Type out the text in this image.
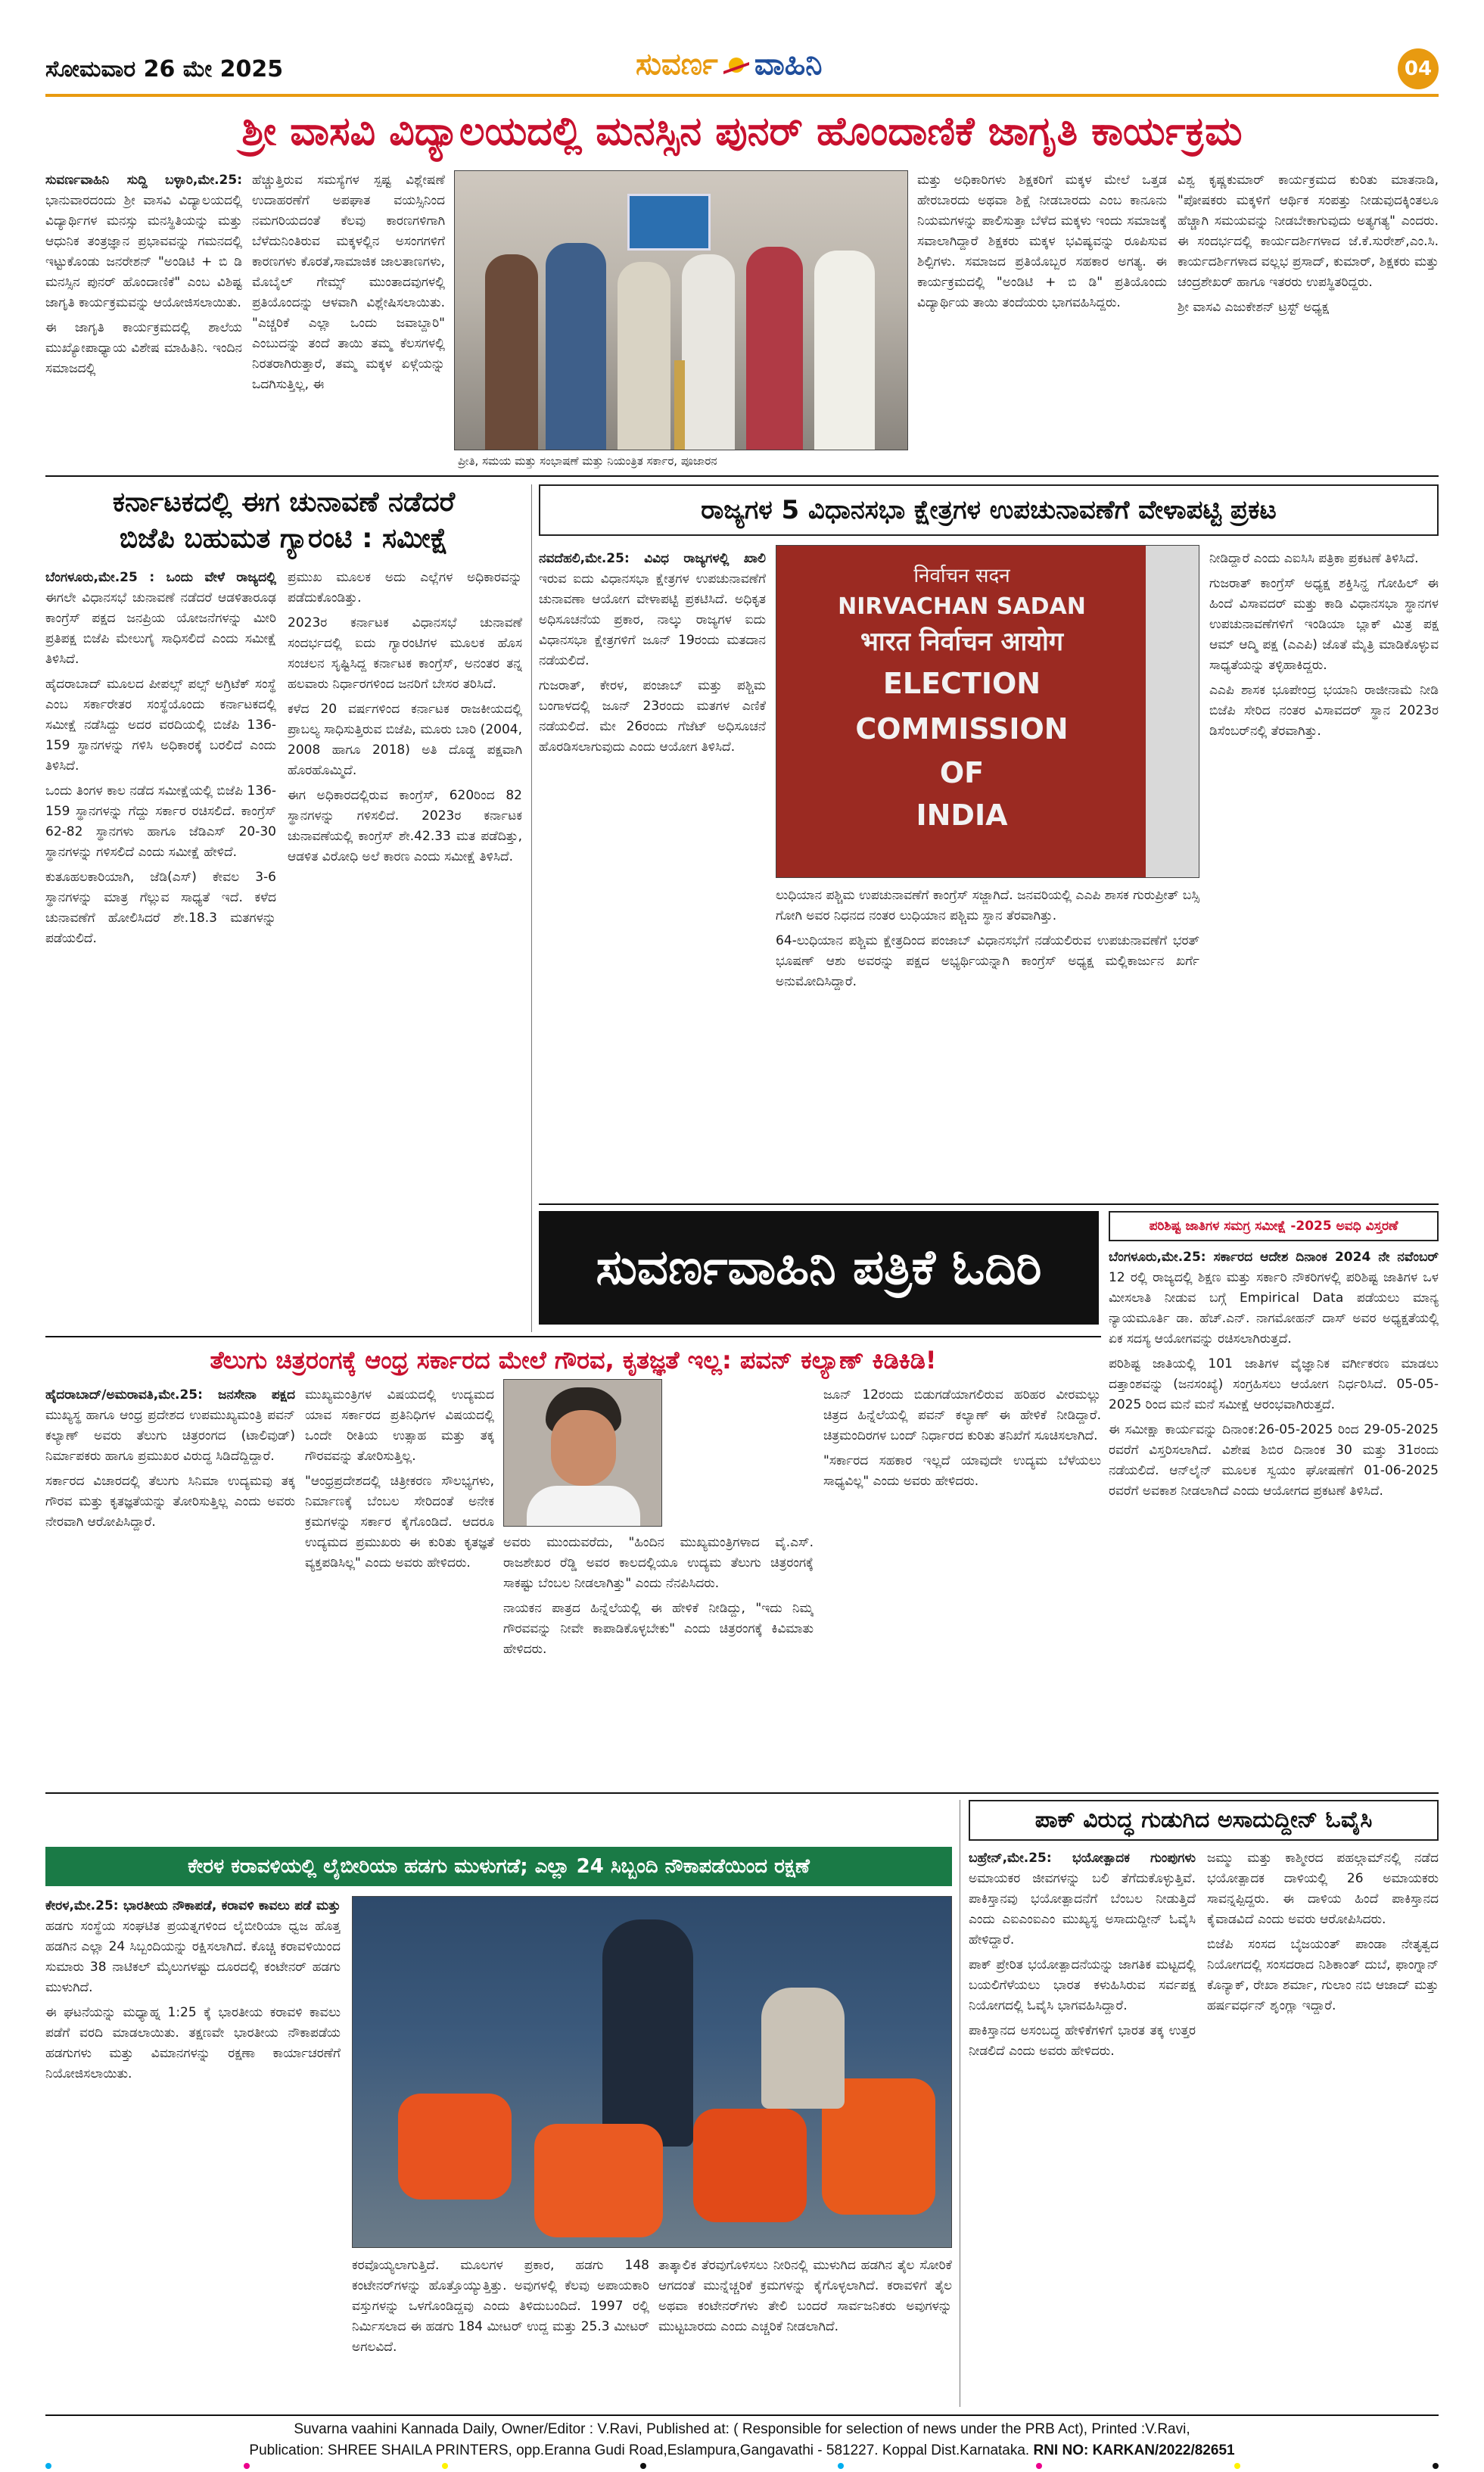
ಸೋಮವಾರ 26 ಮೇ 2025	ಸುವರ್ಣ ವಾಹಿನಿ	04
ಶ್ರೀ ವಾಸವಿ ವಿದ್ಯಾಲಯದಲ್ಲಿ ಮನಸ್ಸಿನ ಪುನರ್ ಹೊಂದಾಣಿಕೆ ಜಾಗೃತಿ ಕಾರ್ಯಕ್ರಮ

ಸುವರ್ಣವಾಹಿನಿ ಸುದ್ದಿ ಬಳ್ಳಾರಿ,ಮೇ.25: ಭಾನುವಾರದಂದು ಶ್ರೀ ವಾಸವಿ ವಿದ್ಯಾಲಯದಲ್ಲಿ ವಿದ್ಯಾರ್ಥಿಗಳ ಮನಸ್ಸು ಮನಸ್ಥಿತಿಯನ್ನು ಮತ್ತು ಆಧುನಿಕ ತಂತ್ರಜ್ಞಾನ ಪ್ರಭಾವವನ್ನು ಗಮನದಲ್ಲಿ ಇಟ್ಟುಕೊಂಡು ಜನರೇಶನ್ "ಅಂಡಿಟಿ + ಬಿ ಡಿ ಮನಸ್ಸಿನ ಪುನರ್ ಹೊಂದಾಣಿಕೆ" ಎಂಬ ವಿಶಿಷ್ಟ ಜಾಗೃತಿ ಕಾರ್ಯಕ್ರಮವನ್ನು ಆಯೋಜಿಸಲಾಯಿತು.

ಈ ಜಾಗೃತಿ ಕಾರ್ಯಕ್ರಮದಲ್ಲಿ ಶಾಲೆಯ ಮುಖ್ಯೋಪಾಧ್ಯಾಯ ವಿಶೇಷ ಮಾಹಿತಿನಿ. ಇಂದಿನ ಸಮಾಜದಲ್ಲಿ

ಹೆಚ್ಚುತ್ತಿರುವ ಸಮಸ್ಯೆಗಳ ಸ್ಪಷ್ಟ ವಿಶ್ಲೇಷಣೆ ಉದಾಹರಣೆಗೆ ಅಪಘಾತ ವಯಸ್ಸಿನಿಂದ ನಮಗರಿಯದಂತೆ ಕೆಲವು ಕಾರಣಗಳಿಗಾಗಿ ಬೆಳೆದುನಿಂತಿರುವ ಮಕ್ಕಳಲ್ಲಿನ ಅಸಂಗಗಳಿಗೆ ಕಾರಣಗಳು ಕೊರತೆ,ಸಾಮಾಜಿಕ ಜಾಲತಾಣಗಳು, ಮೊಬೈಲ್ ಗೇಮ್ಸ್ ಮುಂತಾದವುಗಳಲ್ಲಿ ಪ್ರತಿಯೊಂದನ್ನು ಆಳವಾಗಿ ವಿಶ್ಲೇಷಿಸಲಾಯಿತು. "ಎಚ್ಚರಿಕೆ ಎಲ್ಲಾ ಒಂದು ಜವಾಬ್ದಾರಿ" ಎಂಬುದನ್ನು ತಂದೆ ತಾಯಿ ತಮ್ಮ ಕೆಲಸಗಳಲ್ಲಿ ನಿರತರಾಗಿರುತ್ತಾರೆ, ತಮ್ಮ ಮಕ್ಕಳ ಏಳ್ಗೆಯನ್ನು ಒದಗಿಸುತ್ತಿಲ್ಲ, ಈ

ಪ್ರೀತಿ, ಸಮಯ ಮತ್ತು ಸಂಭಾಷಣೆ ಮತ್ತು ನಿಯಂತ್ರಿತ ಸರ್ಕಾರ, ಪೂಜಾರನ

ಮತ್ತು ಅಧಿಕಾರಿಗಳು ಶಿಕ್ಷಕರಿಗೆ ಮಕ್ಕಳ ಮೇಲೆ ಒತ್ತಡ ಹೇರಬಾರದು ಅಥವಾ ಶಿಕ್ಷೆ ನೀಡಬಾರದು ಎಂಬ ಕಾನೂನು ನಿಯಮಗಳನ್ನು ಪಾಲಿಸುತ್ತಾ ಬೆಳೆದ ಮಕ್ಕಳು ಇಂದು ಸಮಾಜಕ್ಕೆ ಸವಾಲಾಗಿದ್ದಾರೆ ಶಿಕ್ಷಕರು ಮಕ್ಕಳ ಭವಿಷ್ಯವನ್ನು ರೂಪಿಸುವ ಶಿಲ್ಪಿಗಳು. ಸಮಾಜದ ಪ್ರತಿಯೊಬ್ಬರ ಸಹಕಾರ ಅಗತ್ಯ. ಈ ಕಾರ್ಯಕ್ರಮದಲ್ಲಿ "ಅಂಡಿಟಿ + ಬಿ ಡಿ" ಪ್ರತಿಯೊಂದು ವಿದ್ಯಾರ್ಥಿಯ ತಾಯಿ ತಂದೆಯರು ಭಾಗವಹಿಸಿದ್ದರು.

ವಿಶ್ವ ಕೃಷ್ಣಕುಮಾರ್ ಕಾರ್ಯಕ್ರಮದ ಕುರಿತು ಮಾತನಾಡಿ, "ಪೋಷಕರು ಮಕ್ಕಳಿಗೆ ಆರ್ಥಿಕ ಸಂಪತ್ತು ನೀಡುವುದಕ್ಕಿಂತಲೂ ಹೆಚ್ಚಾಗಿ ಸಮಯವನ್ನು ನೀಡಬೇಕಾಗುವುದು ಅತ್ಯಗತ್ಯ" ಎಂದರು. ಈ ಸಂದರ್ಭದಲ್ಲಿ ಕಾರ್ಯದರ್ಶಿಗಳಾದ ಜೆ.ಕೆ.ಸುರೇಶ್,ಎಂ.ಸಿ. ಕಾರ್ಯದರ್ಶಿಗಳಾದ ವಲ್ಲಭ ಪ್ರಸಾದ್, ಕುಮಾರ್, ಶಿಕ್ಷಕರು ಮತ್ತು ಚಂದ್ರಶೇಖರ್ ಹಾಗೂ ಇತರರು ಉಪಸ್ಥಿತರಿದ್ದರು.

ಶ್ರೀ ವಾಸವಿ ಎಜುಕೇಶನ್ ಟ್ರಸ್ಟ್ ಅಧ್ಯಕ್ಷ

ಕರ್ನಾಟಕದಲ್ಲಿ ಈಗ ಚುನಾವಣೆ ನಡೆದರೆ
ಬಿಜೆಪಿ ಬಹುಮತ ಗ್ಯಾರಂಟಿ : ಸಮೀಕ್ಷೆ

ಬೆಂಗಳೂರು,ಮೇ.25 : ಒಂದು ವೇಳೆ ರಾಜ್ಯದಲ್ಲಿ ಈಗಲೇ ವಿಧಾನಸಭೆ ಚುನಾವಣೆ ನಡೆದರೆ ಆಡಳಿತಾರೂಢ ಕಾಂಗ್ರೆಸ್ ಪಕ್ಷದ ಜನಪ್ರಿಯ ಯೋಜನೆಗಳನ್ನು ಮೀರಿ ಪ್ರತಿಪಕ್ಷ ಬಿಜೆಪಿ ಮೇಲುಗೈ ಸಾಧಿಸಲಿದೆ ಎಂದು ಸಮೀಕ್ಷೆ ತಿಳಿಸಿದೆ.

ಹೈದರಾಬಾದ್ ಮೂಲದ ಪೀಪಲ್ಸ್ ಪಲ್ಸ್ ಅಗ್ರಿಟೆಕ್ ಸಂಸ್ಥೆ ಎಂಬ ಸರ್ಕಾರೇತರ ಸಂಸ್ಥೆಯೊಂದು ಕರ್ನಾಟಕದಲ್ಲಿ ಸಮೀಕ್ಷೆ ನಡೆಸಿದ್ದು ಅದರ ವರದಿಯಲ್ಲಿ ಬಿಜೆಪಿ 136-159 ಸ್ಥಾನಗಳನ್ನು ಗಳಿಸಿ ಅಧಿಕಾರಕ್ಕೆ ಬರಲಿದೆ ಎಂದು ತಿಳಿಸಿದೆ.

ಒಂದು ತಿಂಗಳ ಕಾಲ ನಡೆದ ಸಮೀಕ್ಷೆಯಲ್ಲಿ ಬಿಜೆಪಿ 136-159 ಸ್ಥಾನಗಳನ್ನು ಗೆದ್ದು ಸರ್ಕಾರ ರಚಿಸಲಿದೆ. ಕಾಂಗ್ರೆಸ್ 62-82 ಸ್ಥಾನಗಳು ಹಾಗೂ ಜೆಡಿಎಸ್ 20-30 ಸ್ಥಾನಗಳನ್ನು ಗಳಿಸಲಿದೆ ಎಂದು ಸಮೀಕ್ಷೆ ಹೇಳಿದೆ.

ಕುತೂಹಲಕಾರಿಯಾಗಿ, ಜೆಡಿ(ಎಸ್) ಕೇವಲ 3-6 ಸ್ಥಾನಗಳನ್ನು ಮಾತ್ರ ಗೆಲ್ಲುವ ಸಾಧ್ಯತೆ ಇದೆ. ಕಳೆದ ಚುನಾವಣೆಗೆ ಹೋಲಿಸಿದರೆ ಶೇ.18.3 ಮತಗಳನ್ನು ಪಡೆಯಲಿದೆ.

ಪ್ರಮುಖ ಮೂಲಕ ಅದು ಎಲ್ಲೆಗಳ ಅಧಿಕಾರವನ್ನು ಪಡೆದುಕೊಂಡಿತ್ತು.

2023ರ ಕರ್ನಾಟಕ ವಿಧಾನಸಭೆ ಚುನಾವಣೆ ಸಂದರ್ಭದಲ್ಲಿ ಐದು ಗ್ಯಾರಂಟಿಗಳ ಮೂಲಕ ಹೊಸ ಸಂಚಲನ ಸೃಷ್ಟಿಸಿದ್ದ ಕರ್ನಾಟಕ ಕಾಂಗ್ರೆಸ್, ಅನಂತರ ತನ್ನ ಹಲವಾರು ನಿರ್ಧಾರಗಳಿಂದ ಜನರಿಗೆ ಬೇಸರ ತರಿಸಿದೆ.

ಕಳೆದ 20 ವರ್ಷಗಳಿಂದ ಕರ್ನಾಟಕ ರಾಜಕೀಯದಲ್ಲಿ ಪ್ರಾಬಲ್ಯ ಸಾಧಿಸುತ್ತಿರುವ ಬಿಜೆಪಿ, ಮೂರು ಬಾರಿ (2004, 2008 ಹಾಗೂ 2018) ಅತಿ ದೊಡ್ಡ ಪಕ್ಷವಾಗಿ ಹೊರಹೊಮ್ಮಿದೆ.

ಈಗ ಅಧಿಕಾರದಲ್ಲಿರುವ ಕಾಂಗ್ರೆಸ್, 620ರಿಂದ 82 ಸ್ಥಾನಗಳನ್ನು ಗಳಿಸಲಿದೆ. 2023ರ ಕರ್ನಾಟಕ ಚುನಾವಣೆಯಲ್ಲಿ ಕಾಂಗ್ರೆಸ್ ಶೇ.42.33 ಮತ ಪಡೆದಿತ್ತು, ಆಡಳಿತ ವಿರೋಧಿ ಅಲೆ ಕಾರಣ ಎಂದು ಸಮೀಕ್ಷೆ ತಿಳಿಸಿದೆ.

ರಾಜ್ಯಗಳ 5 ವಿಧಾನಸಭಾ ಕ್ಷೇತ್ರಗಳ ಉಪಚುನಾವಣೆಗೆ ವೇಳಾಪಟ್ಟಿ ಪ್ರಕಟ

ನವದೆಹಲಿ,ಮೇ.25: ವಿವಿಧ ರಾಜ್ಯಗಳಲ್ಲಿ ಖಾಲಿ ಇರುವ ಐದು ವಿಧಾನಸಭಾ ಕ್ಷೇತ್ರಗಳ ಉಪಚುನಾವಣೆಗೆ ಚುನಾವಣಾ ಆಯೋಗ ವೇಳಾಪಟ್ಟಿ ಪ್ರಕಟಿಸಿದೆ. ಅಧಿಕೃತ ಅಧಿಸೂಚನೆಯ ಪ್ರಕಾರ, ನಾಲ್ಕು ರಾಜ್ಯಗಳ ಐದು ವಿಧಾನಸಭಾ ಕ್ಷೇತ್ರಗಳಿಗೆ ಜೂನ್ 19ರಂದು ಮತದಾನ ನಡೆಯಲಿದೆ.

ಗುಜರಾತ್, ಕೇರಳ, ಪಂಜಾಬ್ ಮತ್ತು ಪಶ್ಚಿಮ ಬಂಗಾಳದಲ್ಲಿ ಜೂನ್ 23ರಂದು ಮತಗಳ ಎಣಿಕೆ ನಡೆಯಲಿದೆ. ಮೇ 26ರಂದು ಗೆಜೆಟ್ ಅಧಿಸೂಚನೆ ಹೊರಡಿಸಲಾಗುವುದು ಎಂದು ಆಯೋಗ ತಿಳಿಸಿದೆ.

निर्वाचन सदन
NIRVACHAN SADAN
भारत निर्वाचन आयोग
ELECTION COMMISSION
OF
INDIA

ಲುಧಿಯಾನ ಪಶ್ಚಿಮ ಉಪಚುನಾವಣೆಗೆ ಕಾಂಗ್ರೆಸ್ ಸಜ್ಜಾಗಿದೆ. ಜನವರಿಯಲ್ಲಿ ಎಎಪಿ ಶಾಸಕ ಗುರುಪ್ರೀತ್ ಬಸ್ಸಿ ಗೋಗಿ ಅವರ ನಿಧನದ ನಂತರ ಲುಧಿಯಾನ ಪಶ್ಚಿಮ ಸ್ಥಾನ ತೆರವಾಗಿತ್ತು.

64-ಲುಧಿಯಾನ ಪಶ್ಚಿಮ ಕ್ಷೇತ್ರದಿಂದ ಪಂಜಾಬ್ ವಿಧಾನಸಭೆಗೆ ನಡೆಯಲಿರುವ ಉಪಚುನಾವಣೆಗೆ ಭರತ್ ಭೂಷಣ್ ಆಶು ಅವರನ್ನು ಪಕ್ಷದ ಅಭ್ಯರ್ಥಿಯನ್ನಾಗಿ ಕಾಂಗ್ರೆಸ್ ಅಧ್ಯಕ್ಷ ಮಲ್ಲಿಕಾರ್ಜುನ ಖರ್ಗೆ ಅನುಮೋದಿಸಿದ್ದಾರೆ.

ನೀಡಿದ್ದಾರೆ ಎಂದು ಎಐಸಿಸಿ ಪತ್ರಿಕಾ ಪ್ರಕಟಣೆ ತಿಳಿಸಿದೆ.

ಗುಜರಾತ್ ಕಾಂಗ್ರೆಸ್ ಅಧ್ಯಕ್ಷ ಶಕ್ತಿಸಿನ್ಹ ಗೋಹಿಲ್ ಈ ಹಿಂದೆ ವಿಸಾವದರ್ ಮತ್ತು ಕಾಡಿ ವಿಧಾನಸಭಾ ಸ್ಥಾನಗಳ ಉಪಚುನಾವಣೆಗಳಿಗೆ ಇಂಡಿಯಾ ಬ್ಲಾಕ್ ಮಿತ್ರ ಪಕ್ಷ ಆಮ್ ಆದ್ಮಿ ಪಕ್ಷ (ಎಎಪಿ) ಜೊತೆ ಮೈತ್ರಿ ಮಾಡಿಕೊಳ್ಳುವ ಸಾಧ್ಯತೆಯನ್ನು ತಳ್ಳಿಹಾಕಿದ್ದರು.

ಎಎಪಿ ಶಾಸಕ ಭೂಪೇಂದ್ರ ಭಯಾನಿ ರಾಜೀನಾಮೆ ನೀಡಿ ಬಿಜೆಪಿ ಸೇರಿದ ನಂತರ ವಿಸಾವದರ್ ಸ್ಥಾನ 2023ರ ಡಿಸೆಂಬರ್‌ನಲ್ಲಿ ತೆರವಾಗಿತ್ತು.

ಸುವರ್ಣವಾಹಿನಿ ಪತ್ರಿಕೆ ಓದಿರಿ
ಪರಿಶಿಷ್ಟ ಜಾತಿಗಳ ಸಮಗ್ರ ಸಮೀಕ್ಷೆ -2025 ಅವಧಿ ವಿಸ್ತರಣೆ

ಬೆಂಗಳೂರು,ಮೇ.25: ಸರ್ಕಾರದ ಆದೇಶ ದಿನಾಂಕ 2024 ನೇ ನವೆಂಬರ್ 12 ರಲ್ಲಿ ರಾಜ್ಯದಲ್ಲಿ ಶಿಕ್ಷಣ ಮತ್ತು ಸರ್ಕಾರಿ ನೌಕರಿಗಳಲ್ಲಿ ಪರಿಶಿಷ್ಟ ಜಾತಿಗಳ ಒಳ ಮೀಸಲಾತಿ ನೀಡುವ ಬಗ್ಗೆ Empirical Data ಪಡೆಯಲು ಮಾನ್ಯ ನ್ಯಾಯಮೂರ್ತಿ ಡಾ. ಹೆಚ್.ಎನ್. ನಾಗಮೋಹನ್ ದಾಸ್ ಅವರ ಅಧ್ಯಕ್ಷತೆಯಲ್ಲಿ ಏಕ ಸದಸ್ಯ ಆಯೋಗವನ್ನು ರಚಿಸಲಾಗಿರುತ್ತದೆ.

ಪರಿಶಿಷ್ಟ ಜಾತಿಯಲ್ಲಿ 101 ಜಾತಿಗಳ ವೈಜ್ಞಾನಿಕ ವರ್ಗೀಕರಣ ಮಾಡಲು ದತ್ತಾಂಶವನ್ನು (ಜನಸಂಖ್ಯೆ) ಸಂಗ್ರಹಿಸಲು ಆಯೋಗ ನಿರ್ಧರಿಸಿದೆ. 05-05-2025 ರಿಂದ ಮನೆ ಮನೆ ಸಮೀಕ್ಷೆ ಆರಂಭವಾಗಿರುತ್ತದೆ.

ಈ ಸಮೀಕ್ಷಾ ಕಾರ್ಯವನ್ನು ದಿನಾಂಕ:26-05-2025 ರಿಂದ 29-05-2025 ರವರೆಗೆ ವಿಸ್ತರಿಸಲಾಗಿದೆ. ವಿಶೇಷ ಶಿಬಿರ ದಿನಾಂಕ 30 ಮತ್ತು 31ರಂದು ನಡೆಯಲಿದೆ. ಆನ್‌ಲೈನ್ ಮೂಲಕ ಸ್ವಯಂ ಘೋಷಣೆಗೆ 01-06-2025 ರವರೆಗೆ ಅವಕಾಶ ನೀಡಲಾಗಿದೆ ಎಂದು ಆಯೋಗದ ಪ್ರಕಟಣೆ ತಿಳಿಸಿದೆ.

ತೆಲುಗು ಚಿತ್ರರಂಗಕ್ಕೆ ಆಂಧ್ರ ಸರ್ಕಾರದ ಮೇಲೆ ಗೌರವ, ಕೃತಜ್ಞತೆ ಇಲ್ಲ: ಪವನ್ ಕಲ್ಯಾಣ್ ಕಿಡಿಕಿಡಿ!

ಹೈದರಾಬಾದ್/ಅಮರಾವತಿ,ಮೇ.25: ಜನಸೇನಾ ಪಕ್ಷದ ಮುಖ್ಯಸ್ಥ ಹಾಗೂ ಆಂಧ್ರ ಪ್ರದೇಶದ ಉಪಮುಖ್ಯಮಂತ್ರಿ ಪವನ್ ಕಲ್ಯಾಣ್ ಅವರು ತೆಲುಗು ಚಿತ್ರರಂಗದ (ಟಾಲಿವುಡ್) ನಿರ್ಮಾಪಕರು ಹಾಗೂ ಪ್ರಮುಖರ ವಿರುದ್ಧ ಸಿಡಿದೆದ್ದಿದ್ದಾರೆ.

ಸರ್ಕಾರದ ವಿಚಾರದಲ್ಲಿ ತೆಲುಗು ಸಿನಿಮಾ ಉದ್ಯಮವು ತಕ್ಕ ಗೌರವ ಮತ್ತು ಕೃತಜ್ಞತೆಯನ್ನು ತೋರಿಸುತ್ತಿಲ್ಲ ಎಂದು ಅವರು ನೇರವಾಗಿ ಆರೋಪಿಸಿದ್ದಾರೆ.

ಮುಖ್ಯಮಂತ್ರಿಗಳ ವಿಷಯದಲ್ಲಿ ಉದ್ಯಮದ ಯಾವ ಸರ್ಕಾರದ ಪ್ರತಿನಿಧಿಗಳ ವಿಷಯದಲ್ಲಿ ಒಂದೇ ರೀತಿಯ ಉತ್ಸಾಹ ಮತ್ತು ತಕ್ಕ ಗೌರವವನ್ನು ತೋರಿಸುತ್ತಿಲ್ಲ.

"ಆಂಧ್ರಪ್ರದೇಶದಲ್ಲಿ ಚಿತ್ರೀಕರಣ ಸೌಲಭ್ಯಗಳು, ನಿರ್ಮಾಣಕ್ಕೆ ಬೆಂಬಲ ಸೇರಿದಂತೆ ಅನೇಕ ಕ್ರಮಗಳನ್ನು ಸರ್ಕಾರ ಕೈಗೊಂಡಿದೆ. ಆದರೂ ಉದ್ಯಮದ ಪ್ರಮುಖರು ಈ ಕುರಿತು ಕೃತಜ್ಞತೆ ವ್ಯಕ್ತಪಡಿಸಿಲ್ಲ" ಎಂದು ಅವರು ಹೇಳಿದರು.

ಅವರು ಮುಂದುವರೆದು, "ಹಿಂದಿನ ಮುಖ್ಯಮಂತ್ರಿಗಳಾದ ವೈ.ಎಸ್. ರಾಜಶೇಖರ ರೆಡ್ಡಿ ಅವರ ಕಾಲದಲ್ಲಿಯೂ ಉದ್ಯಮ ತೆಲುಗು ಚಿತ್ರರಂಗಕ್ಕೆ ಸಾಕಷ್ಟು ಬೆಂಬಲ ನೀಡಲಾಗಿತ್ತು" ಎಂದು ನೆನಪಿಸಿದರು.

ನಾಯಕನ ಪಾತ್ರದ ಹಿನ್ನೆಲೆಯಲ್ಲಿ ಈ ಹೇಳಿಕೆ ನೀಡಿದ್ದು, "ಇದು ನಿಮ್ಮ ಗೌರವವನ್ನು ನೀವೇ ಕಾಪಾಡಿಕೊಳ್ಳಬೇಕು" ಎಂದು ಚಿತ್ರರಂಗಕ್ಕೆ ಕಿವಿಮಾತು ಹೇಳಿದರು.

ಜೂನ್ 12ರಂದು ಬಿಡುಗಡೆಯಾಗಲಿರುವ ಹರಿಹರ ವೀರಮಲ್ಲು ಚಿತ್ರದ ಹಿನ್ನೆಲೆಯಲ್ಲಿ ಪವನ್ ಕಲ್ಯಾಣ್ ಈ ಹೇಳಿಕೆ ನೀಡಿದ್ದಾರೆ. ಚಿತ್ರಮಂದಿರಗಳ ಬಂದ್ ನಿರ್ಧಾರದ ಕುರಿತು ತನಿಖೆಗೆ ಸೂಚಿಸಲಾಗಿದೆ.

"ಸರ್ಕಾರದ ಸಹಕಾರ ಇಲ್ಲದೆ ಯಾವುದೇ ಉದ್ಯಮ ಬೆಳೆಯಲು ಸಾಧ್ಯವಿಲ್ಲ" ಎಂದು ಅವರು ಹೇಳಿದರು.

ಪಾಕ್ ವಿರುದ್ಧ ಗುಡುಗಿದ ಅಸಾದುದ್ದೀನ್ ಓವೈಸಿ

ಬಹ್ರೇನ್,ಮೇ.25: ಭಯೋತ್ಪಾದಕ ಗುಂಪುಗಳು ಅಮಾಯಕರ ಜೀವಗಳನ್ನು ಬಲಿ ತೆಗೆದುಕೊಳ್ಳುತ್ತಿವೆ. ಪಾಕಿಸ್ತಾನವು ಭಯೋತ್ಪಾದನೆಗೆ ಬೆಂಬಲ ನೀಡುತ್ತಿದೆ ಎಂದು ಎಐಎಂಐಎಂ ಮುಖ್ಯಸ್ಥ ಅಸಾದುದ್ದೀನ್ ಓವೈಸಿ ಹೇಳಿದ್ದಾರೆ.

ಪಾಕ್ ಪ್ರೇರಿತ ಭಯೋತ್ಪಾದನೆಯನ್ನು ಜಾಗತಿಕ ಮಟ್ಟದಲ್ಲಿ ಬಯಲಿಗೆಳೆಯಲು ಭಾರತ ಕಳುಹಿಸಿರುವ ಸರ್ವಪಕ್ಷ ನಿಯೋಗದಲ್ಲಿ ಓವೈಸಿ ಭಾಗವಹಿಸಿದ್ದಾರೆ.

ಪಾಕಿಸ್ತಾನದ ಅಸಂಬದ್ಧ ಹೇಳಿಕೆಗಳಿಗೆ ಭಾರತ ತಕ್ಕ ಉತ್ತರ ನೀಡಲಿದೆ ಎಂದು ಅವರು ಹೇಳಿದರು.

ಜಮ್ಮು ಮತ್ತು ಕಾಶ್ಮೀರದ ಪಹಲ್ಗಾಮ್‌ನಲ್ಲಿ ನಡೆದ ಭಯೋತ್ಪಾದಕ ದಾಳಿಯಲ್ಲಿ 26 ಅಮಾಯಕರು ಸಾವನ್ನಪ್ಪಿದ್ದರು. ಈ ದಾಳಿಯ ಹಿಂದೆ ಪಾಕಿಸ್ತಾನದ ಕೈವಾಡವಿದೆ ಎಂದು ಅವರು ಆರೋಪಿಸಿದರು.

ಬಿಜೆಪಿ ಸಂಸದ ಬೈಜಯಂತ್ ಪಾಂಡಾ ನೇತೃತ್ವದ ನಿಯೋಗದಲ್ಲಿ ಸಂಸದರಾದ ನಿಶಿಕಾಂತ್ ದುಬೆ, ಫಾಂಗ್ನಾನ್ ಕೊನ್ಯಾಕ್, ರೇಖಾ ಶರ್ಮಾ, ಗುಲಾಂ ನಬಿ ಆಜಾದ್ ಮತ್ತು ಹರ್ಷವರ್ಧನ್ ಶೃಂಗ್ಲಾ ಇದ್ದಾರೆ.

ಕೇರಳ ಕರಾವಳಿಯಲ್ಲಿ ಲೈಬೀರಿಯಾ ಹಡಗು ಮುಳುಗಡೆ; ಎಲ್ಲಾ 24 ಸಿಬ್ಬಂದಿ ನೌಕಾಪಡೆಯಿಂದ ರಕ್ಷಣೆ

ಕೇರಳ,ಮೇ.25: ಭಾರತೀಯ ನೌಕಾಪಡೆ, ಕರಾವಳಿ ಕಾವಲು ಪಡೆ ಮತ್ತು ಹಡಗು ಸಂಸ್ಥೆಯ ಸಂಘಟಿತ ಪ್ರಯತ್ನಗಳಿಂದ ಲೈಬೀರಿಯಾ ಧ್ವಜ ಹೊತ್ತ ಹಡಗಿನ ಎಲ್ಲಾ 24 ಸಿಬ್ಬಂದಿಯನ್ನು ರಕ್ಷಿಸಲಾಗಿದೆ. ಕೊಚ್ಚಿ ಕರಾವಳಿಯಿಂದ ಸುಮಾರು 38 ನಾಟಿಕಲ್ ಮೈಲುಗಳಷ್ಟು ದೂರದಲ್ಲಿ ಕಂಟೇನರ್ ಹಡಗು ಮುಳುಗಿದೆ.

ಈ ಘಟನೆಯನ್ನು ಮಧ್ಯಾಹ್ನ 1:25 ಕ್ಕೆ ಭಾರತೀಯ ಕರಾವಳಿ ಕಾವಲು ಪಡೆಗೆ ವರದಿ ಮಾಡಲಾಯಿತು. ತಕ್ಷಣವೇ ಭಾರತೀಯ ನೌಕಾಪಡೆಯ ಹಡಗುಗಳು ಮತ್ತು ವಿಮಾನಗಳನ್ನು ರಕ್ಷಣಾ ಕಾರ್ಯಾಚರಣೆಗೆ ನಿಯೋಜಿಸಲಾಯಿತು.

ಕರವೊಯ್ಯಲಾಗುತ್ತಿದೆ. ಮೂಲಗಳ ಪ್ರಕಾರ, ಹಡಗು 148 ಕಂಟೇನರ್‌ಗಳನ್ನು ಹೊತ್ತೊಯ್ಯುತ್ತಿತ್ತು. ಅವುಗಳಲ್ಲಿ ಕೆಲವು ಅಪಾಯಕಾರಿ ವಸ್ತುಗಳನ್ನು ಒಳಗೊಂಡಿದ್ದವು ಎಂದು ತಿಳಿದುಬಂದಿದೆ. 1997 ರಲ್ಲಿ ನಿರ್ಮಿಸಲಾದ ಈ ಹಡಗು 184 ಮೀಟರ್ ಉದ್ದ ಮತ್ತು 25.3 ಮೀಟರ್ ಅಗಲವಿದೆ.

ತಾತ್ಕಾಲಿಕ ತೆರವುಗೊಳಿಸಲು ನೀರಿನಲ್ಲಿ ಮುಳುಗಿದ ಹಡಗಿನ ತೈಲ ಸೋರಿಕೆ ಆಗದಂತೆ ಮುನ್ನೆಚ್ಚರಿಕೆ ಕ್ರಮಗಳನ್ನು ಕೈಗೊಳ್ಳಲಾಗಿದೆ. ಕರಾವಳಿಗೆ ತೈಲ ಅಥವಾ ಕಂಟೇನರ್‌ಗಳು ತೇಲಿ ಬಂದರೆ ಸಾರ್ವಜನಿಕರು ಅವುಗಳನ್ನು ಮುಟ್ಟಬಾರದು ಎಂದು ಎಚ್ಚರಿಕೆ ನೀಡಲಾಗಿದೆ.

Suvarna vaahini Kannada Daily, Owner/Editor : V.Ravi, Published at: ( Responsible for selection of news under the PRB Act), Printed :V.Ravi,
Publication: SHREE SHAILA PRINTERS, opp.Eranna Gudi Road,Eslampura,Gangavathi - 581227. Koppal Dist.Karnataka. RNI NO: KARKAN/2022/82651
